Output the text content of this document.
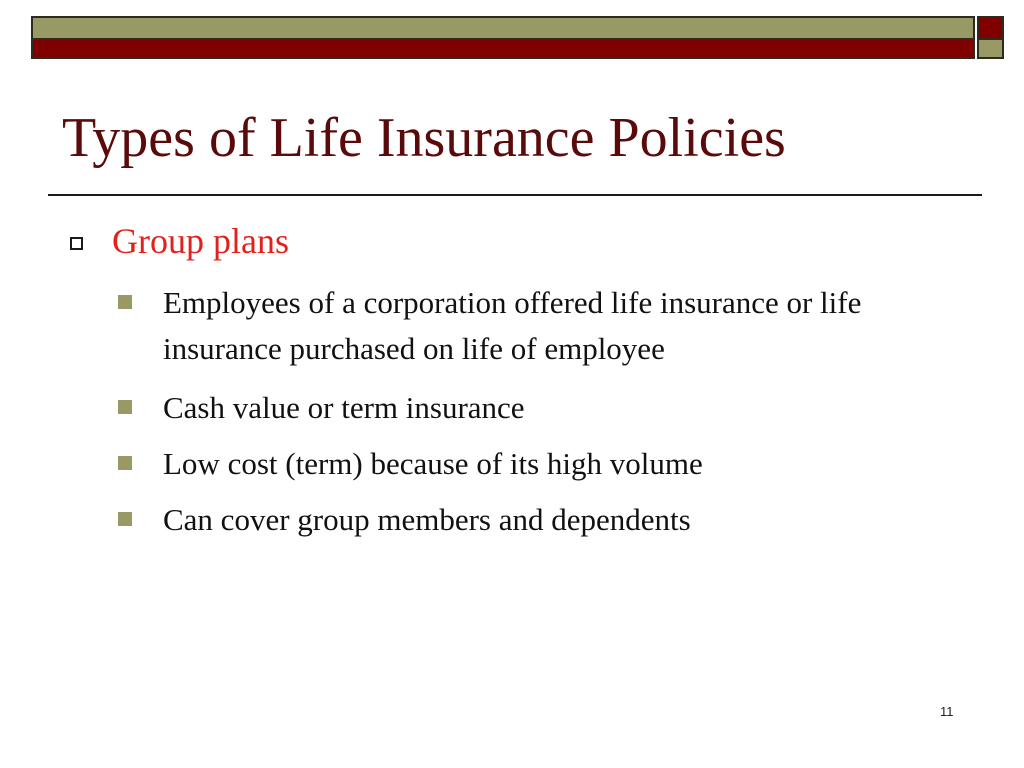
Types of Life Insurance Policies
Group plans
Employees of a corporation offered life insurance or life insurance purchased on life of employee
Cash value or term insurance
Low cost (term) because of its high volume
Can cover group members and dependents
11
